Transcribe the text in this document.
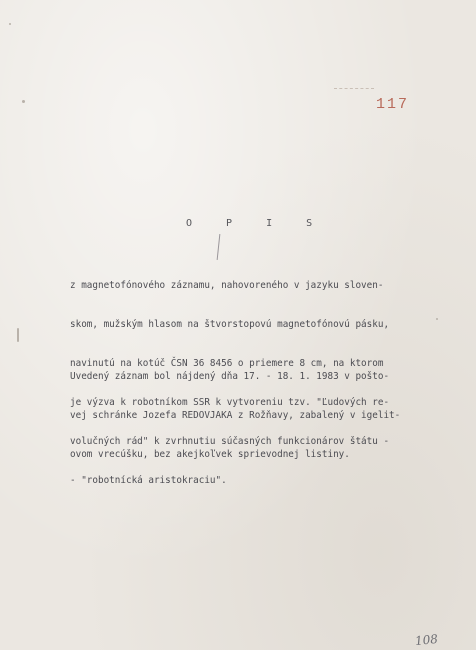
117
O P I S

z magnetofónového záznamu, nahovoreného v jazyku sloven-

skom, mužským hlasom na štvorstopovú magnetofónovú pásku,

navinutú na kotúč ČSN 36 8456 o priemere 8 cm, na ktorom

je výzva k robotníkom SSR k vytvoreniu tzv. "Ľudových re-

volučných rád" k zvrhnutiu súčasných funkcionárov štátu -

- "robotnícká aristokraciu".

Uvedený záznam bol nájdený dňa 17. - 18. 1. 1983 v pošto-

vej schránke Jozefa REDOVJAKA z Rožňavy, zabalený v igelit-

ovom vrecúšku, bez akejkoľvek sprievodnej listiny.

108
